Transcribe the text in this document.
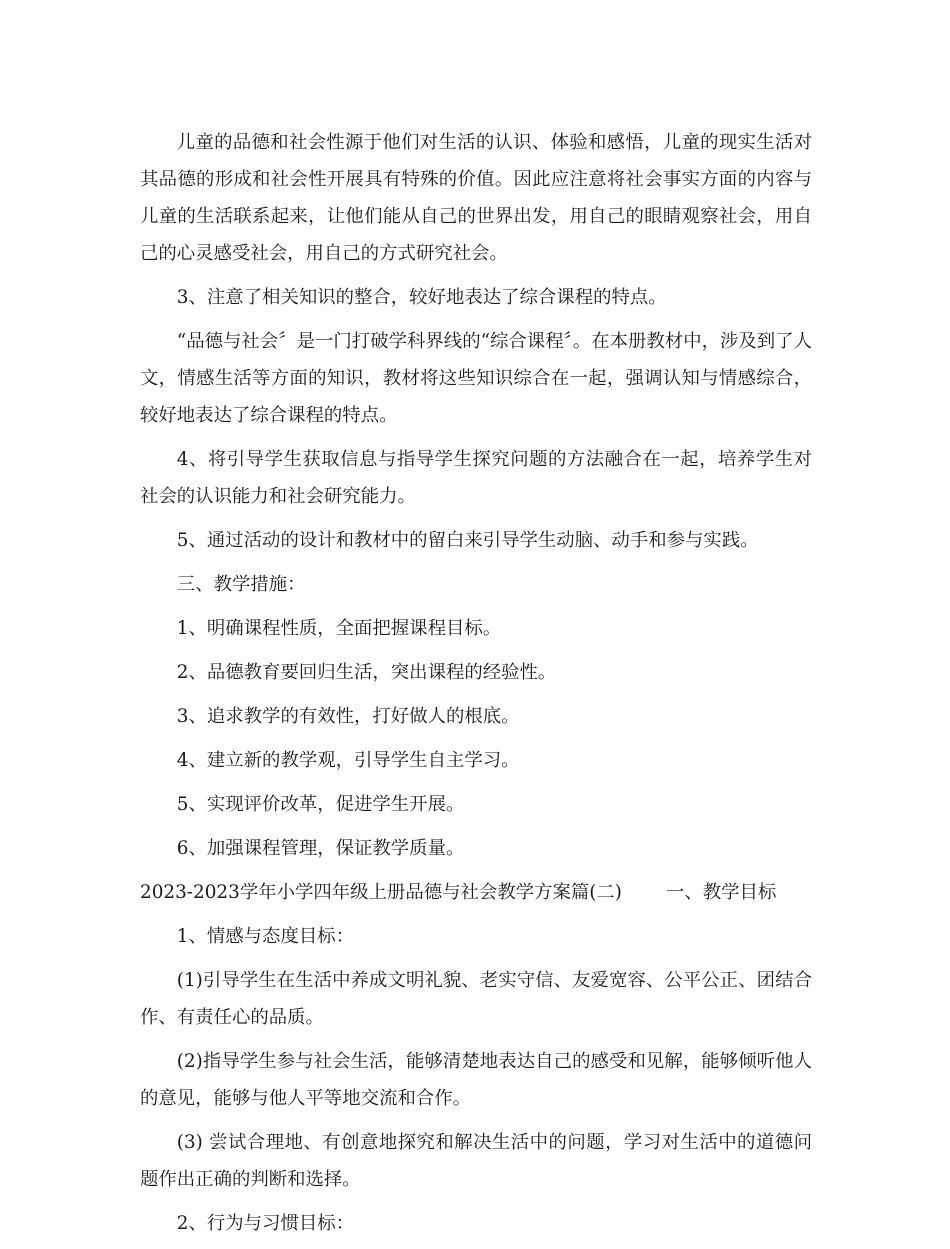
儿童的品德和社会性源于他们对生活的认识、体验和感悟，儿童的现实生活对其品德的形成和社会性开展具有特殊的价值。因此应注意将社会事实方面的内容与儿童的生活联系起来，让他们能从自己的世界出发，用自己的眼睛观察社会，用自己的心灵感受社会，用自己的方式研究社会。

3、注意了相关知识的整合，较好地表达了综合课程的特点。

“品德与社会〞是一门打破学科界线的“综合课程〞。在本册教材中，涉及到了人文，情感生活等方面的知识，教材将这些知识综合在一起，强调认知与情感综合，较好地表达了综合课程的特点。

4、将引导学生获取信息与指导学生探究问题的方法融合在一起，培养学生对社会的认识能力和社会研究能力。

5、通过活动的设计和教材中的留白来引导学生动脑、动手和参与实践。

三、教学措施：

1、明确课程性质，全面把握课程目标。

2、品德教育要回归生活，突出课程的经验性。

3、追求教学的有效性，打好做人的根底。

4、建立新的教学观，引导学生自主学习。

5、实现评价改革，促进学生开展。

6、加强课程管理，保证教学质量。

2023-2023学年小学四年级上册品德与社会教学方案篇(二) 一、教学目标

1、情感与态度目标：

(1)引导学生在生活中养成文明礼貌、老实守信、友爱宽容、公平公正、团结合作、有责任心的品质。

(2)指导学生参与社会生活，能够清楚地表达自己的感受和见解，能够倾听他人的意见，能够与他人平等地交流和合作。

(3) 尝试合理地、有创意地探究和解决生活中的问题，学习对生活中的道德问题作出正确的判断和选择。

2、行为与习惯目标：
